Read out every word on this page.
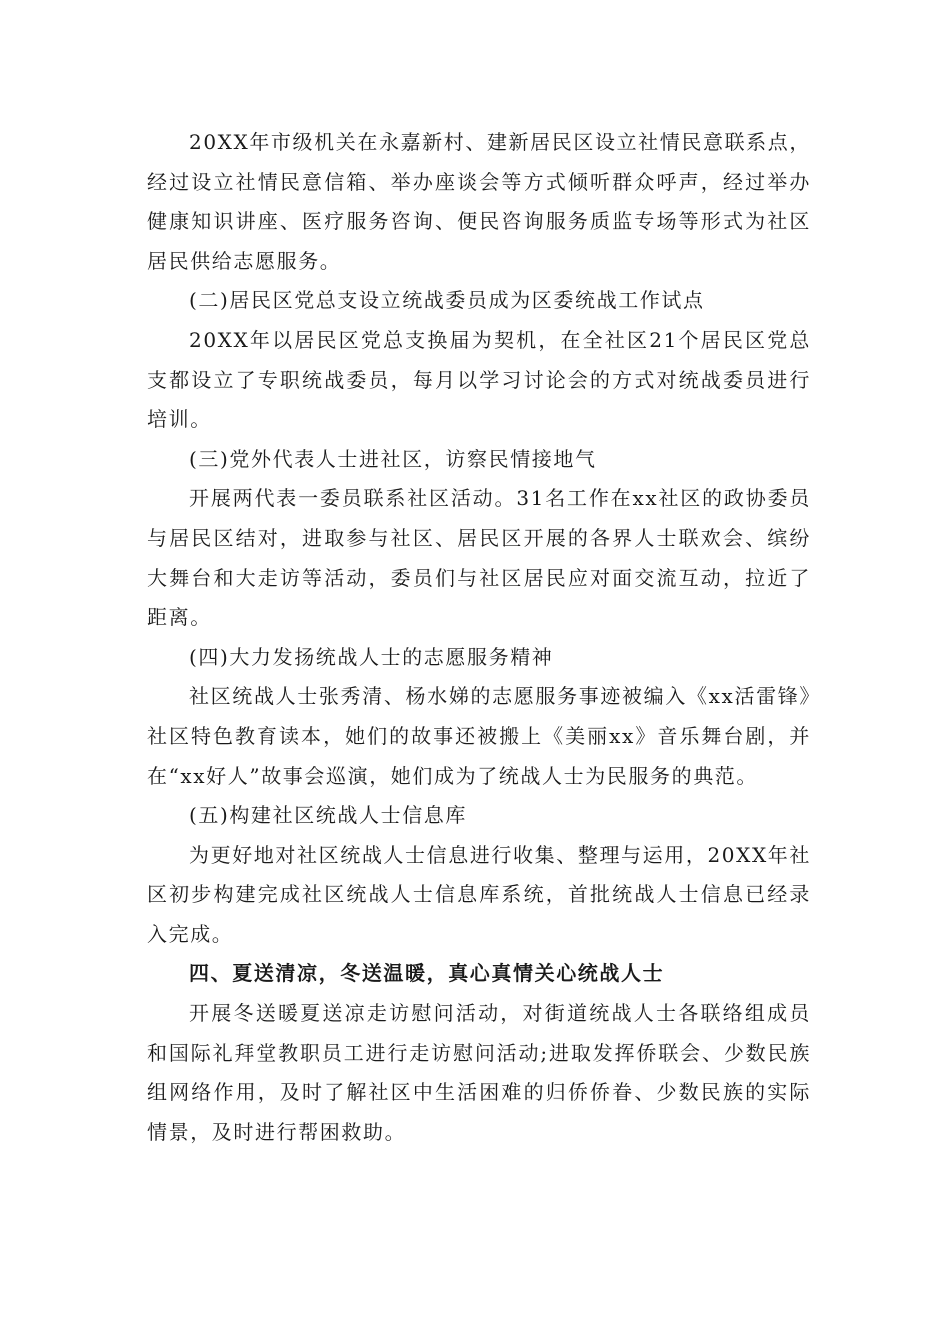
20XX年市级机关在永嘉新村、建新居民区设立社情民意联系点，经过设立社情民意信箱、举办座谈会等方式倾听群众呼声，经过举办健康知识讲座、医疗服务咨询、便民咨询服务质监专场等形式为社区居民供给志愿服务。

(二)居民区党总支设立统战委员成为区委统战工作试点

20XX年以居民区党总支换届为契机，在全社区21个居民区党总支都设立了专职统战委员，每月以学习讨论会的方式对统战委员进行培训。

(三)党外代表人士进社区，访察民情接地气

开展两代表一委员联系社区活动。31名工作在xx社区的政协委员与居民区结对，进取参与社区、居民区开展的各界人士联欢会、缤纷大舞台和大走访等活动，委员们与社区居民应对面交流互动，拉近了距离。

(四)大力发扬统战人士的志愿服务精神

社区统战人士张秀清、杨水娣的志愿服务事迹被编入《xx活雷锋》社区特色教育读本，她们的故事还被搬上《美丽xx》音乐舞台剧，并在“xx好人”故事会巡演，她们成为了统战人士为民服务的典范。

(五)构建社区统战人士信息库

为更好地对社区统战人士信息进行收集、整理与运用，20XX年社区初步构建完成社区统战人士信息库系统，首批统战人士信息已经录入完成。

四、夏送清凉，冬送温暖，真心真情关心统战人士

开展冬送暖夏送凉走访慰问活动，对街道统战人士各联络组成员和国际礼拜堂教职员工进行走访慰问活动;进取发挥侨联会、少数民族组网络作用，及时了解社区中生活困难的归侨侨眷、少数民族的实际情景，及时进行帮困救助。
